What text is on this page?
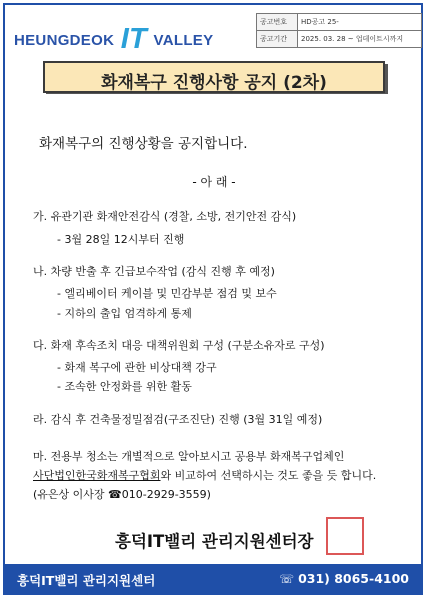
HEUNGDEOK IT VALLEY
공고번호	HD공고 25-
공고기간	2025. 03. 28 ~ 업데이트시까지
화재복구 진행사항 공지 (2차)
화재복구의 진행상황을 공지합니다.
- 아 래 -
가. 유관기관 화재안전감식 (경찰, 소방, 전기안전 감식)
- 3월 28일 12시부터 진행
나. 차량 반출 후 긴급보수작업 (감식 진행 후 예정)
- 엘리베이터 케이블 및 민감부분 점검 및 보수
- 지하의 출입 엄격하게 통제
다. 화재 후속조치 대응 대책위원회 구성 (구분소유자로 구성)
- 화재 복구에 관한 비상대책 강구
- 조속한 안정화를 위한 활동
라. 감식 후 건축물정밀점검(구조진단) 진행 (3월 31일 예정)
마. 전용부 청소는 개별적으로 알아보시고 공용부 화재복구업체인
사단법인한국화재복구협회와 비교하여 선택하시는 것도 좋을 듯 합니다.
(유은상 이사장 ☎010-2929-3559)
흥덕IT밸리 관리지원센터장
흥덕IT밸리 관리지원센터	☏ 031) 8065-4100
